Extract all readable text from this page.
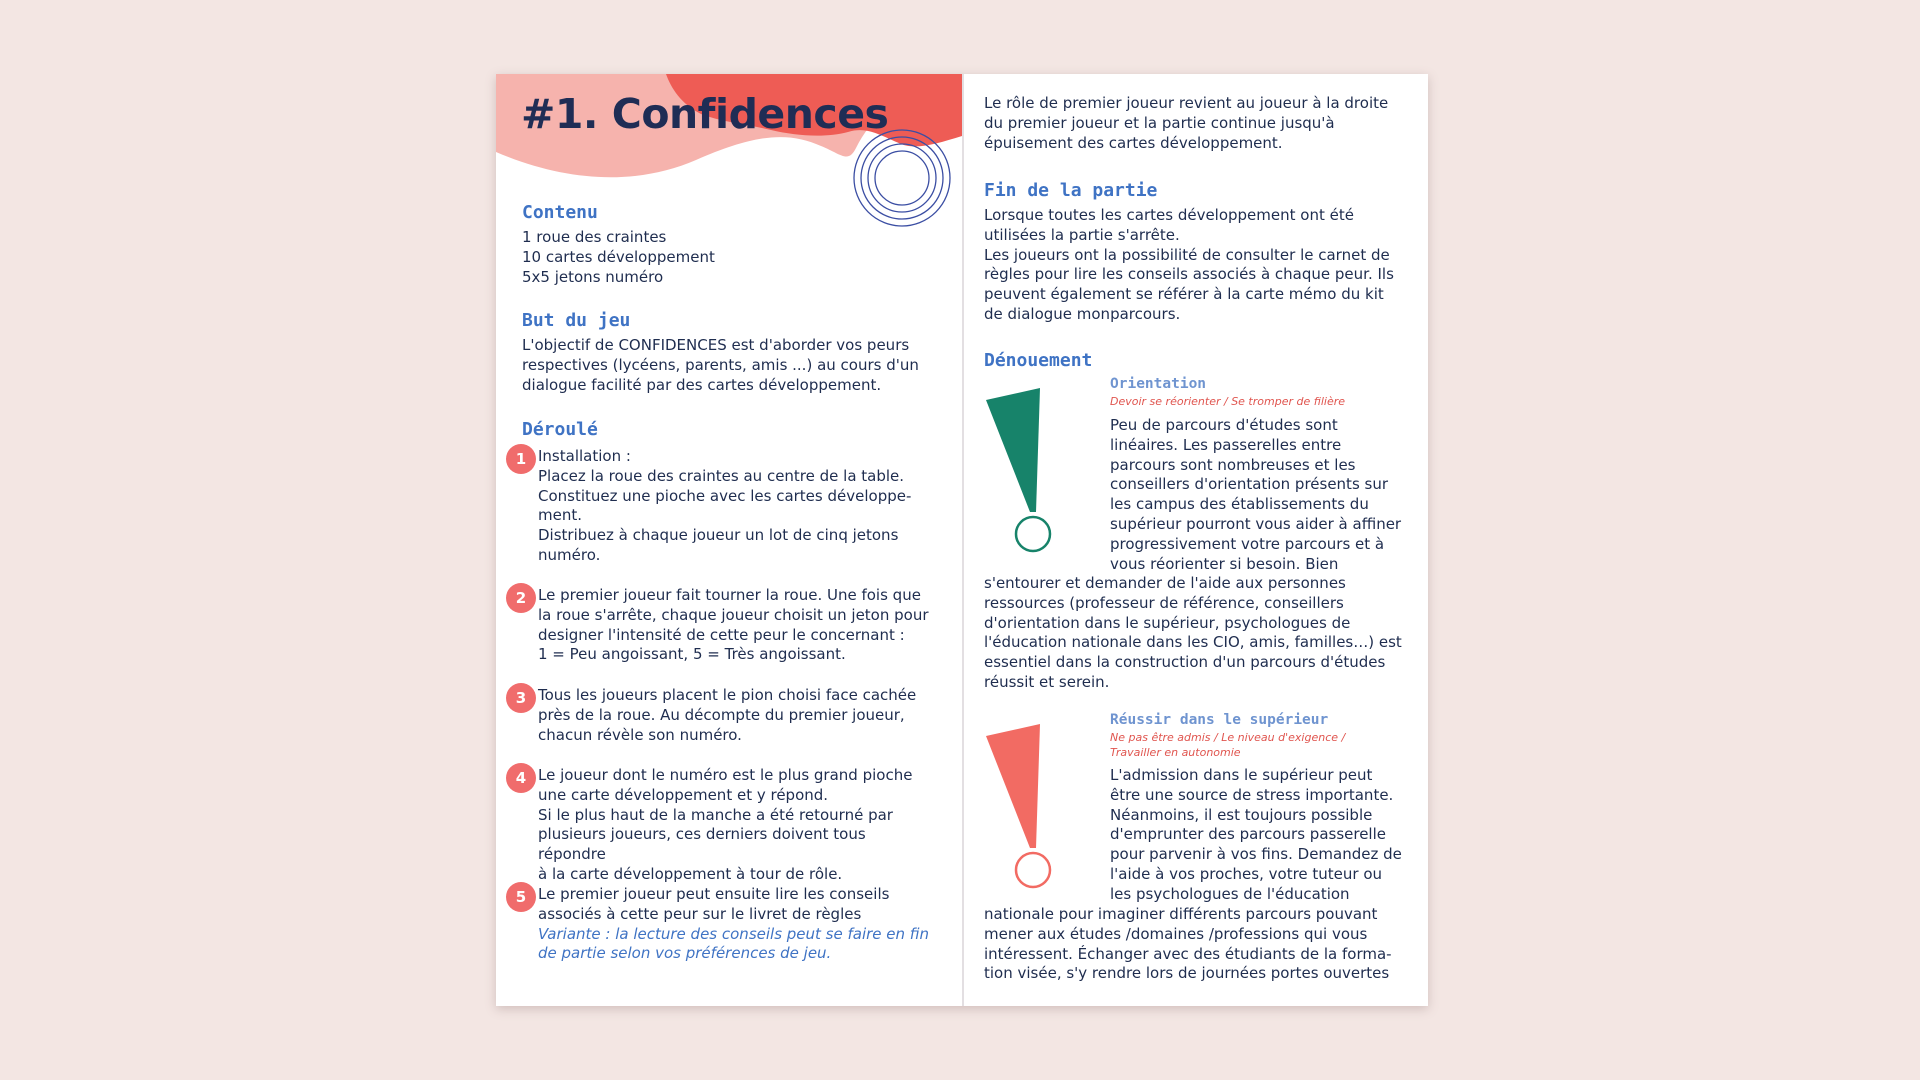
#1. Confidences
Contenu
1 roue des craintes
10 cartes développement
5x5 jetons numéro
But du jeu
L'objectif de CONFIDENCES est d'aborder vos peurs
respectives (lycéens, parents, amis ...) au cours d'un
dialogue facilité par des cartes développement.
Déroulé
1 Installation :
Placez la roue des craintes au centre de la table.
Constituez une pioche avec les cartes développe-
ment.
Distribuez à chaque joueur un lot de cinq jetons
numéro.
2 Le premier joueur fait tourner la roue. Une fois que
la roue s'arrête, chaque joueur choisit un jeton pour
designer l'intensité de cette peur le concernant :
1 = Peu angoissant, 5 = Très angoissant.
3 Tous les joueurs placent le pion choisi face cachée
près de la roue. Au décompte du premier joueur,
chacun révèle son numéro.
4 Le joueur dont le numéro est le plus grand pioche
une carte développement et y répond.
Si le plus haut de la manche a été retourné par
plusieurs joueurs, ces derniers doivent tous répondre
à la carte développement à tour de rôle.
5 Le premier joueur peut ensuite lire les conseils
associés à cette peur sur le livret de règles
Variante : la lecture des conseils peut se faire en fin
de partie selon vos préférences de jeu.
Le rôle de premier joueur revient au joueur à la droite
du premier joueur et la partie continue jusqu'à
épuisement des cartes développement.
Fin de la partie
Lorsque toutes les cartes développement ont été
utilisées la partie s'arrête.
Les joueurs ont la possibilité de consulter le carnet de
règles pour lire les conseils associés à chaque peur. Ils
peuvent également se référer à la carte mémo du kit
de dialogue monparcours.
Dénouement
Orientation

Devoir se réorienter / Se tromper de filière

Peu de parcours d'études sont
linéaires. Les passerelles entre
parcours sont nombreuses et les
conseillers d'orientation présents sur
les campus des établissements du
supérieur pourront vous aider à affiner
progressivement votre parcours et à
vous réorienter si besoin. Bien
s'entourer et demander de l'aide aux personnes
ressources (professeur de référence, conseillers
d'orientation dans le supérieur, psychologues de
l'éducation nationale dans les CIO, amis, familles…) est
essentiel dans la construction d'un parcours d'études
réussit et serein.
Réussir dans le supérieur

Ne pas être admis / Le niveau d'exigence /
Travailler en autonomie

L'admission dans le supérieur peut
être une source de stress importante.
Néanmoins, il est toujours possible
d'emprunter des parcours passerelle
pour parvenir à vos fins. Demandez de
l'aide à vos proches, votre tuteur ou
les psychologues de l'éducation
nationale pour imaginer différents parcours pouvant
mener aux études /domaines /professions qui vous
intéressent. Échanger avec des étudiants de la forma-
tion visée, s'y rendre lors de journées portes ouvertes
